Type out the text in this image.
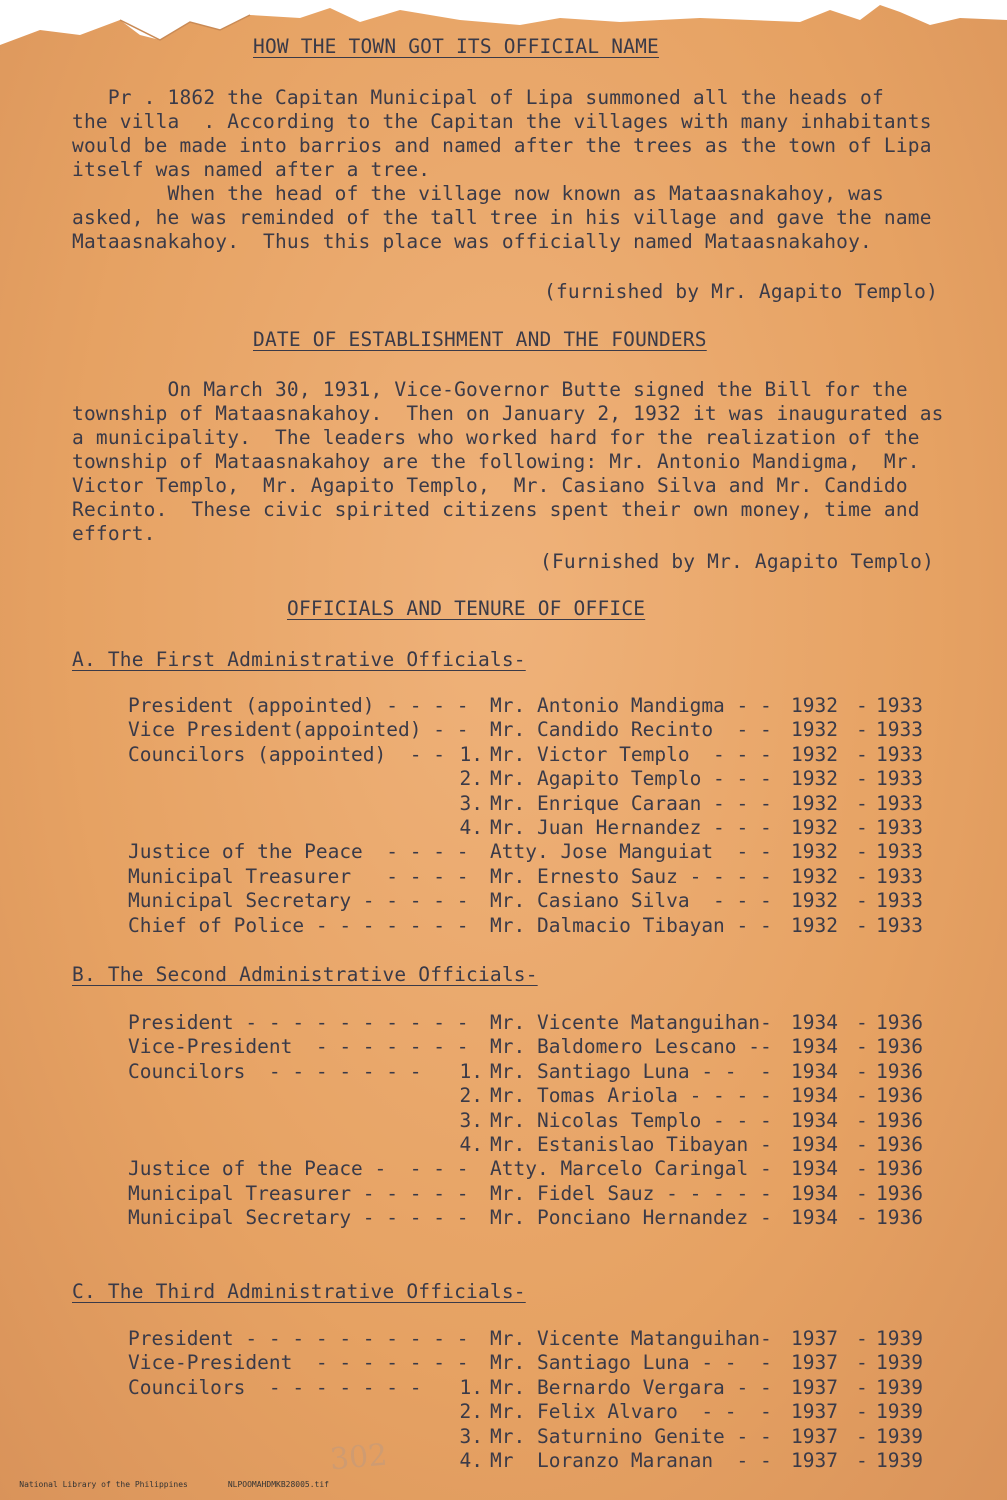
HOW THE TOWN GOT ITS OFFICIAL NAME
Pr . 1862 the Capitan Municipal of Lipa summoned all the heads of
the villa  . According to the Capitan the villages with many inhabitants
would be made into barrios and named after the trees as the town of Lipa
itself was named after a tree.
When the head of the village now known as Mataasnakahoy, was
asked, he was reminded of the tall tree in his village and gave the name
Mataasnakahoy.  Thus this place was officially named Mataasnakahoy.
(furnished by Mr. Agapito Templo)
DATE OF ESTABLISHMENT AND THE FOUNDERS
On March 30, 1931, Vice-Governor Butte signed the Bill for the
township of Mataasnakahoy.  Then on January 2, 1932 it was inaugurated as
a municipality.  The leaders who worked hard for the realization of the
township of Mataasnakahoy are the following: Mr. Antonio Mandigma,  Mr.
Victor Templo,  Mr. Agapito Templo,  Mr. Casiano Silva and Mr. Candido
Recinto.  These civic spirited citizens spent their own money, time and
effort.
(Furnished by Mr. Agapito Templo)
OFFICIALS AND TENURE OF OFFICE
A. The First Administrative Officials-
President (appointed) - - - - Mr. Antonio Mandigma - - 1932 1933
-
Vice President(appointed) - - Mr. Candido Recinto  - - 1932 1933
-
Councilors (appointed)  - - 1. Mr. Victor Templo  - - - 1932 1933
-
2. Mr. Agapito Templo - - - 1932 1933
-
3. Mr. Enrique Caraan - - - 1932 1933
-
4. Mr. Juan Hernandez - - - 1932 1933
-
Justice of the Peace  - - - - Atty. Jose Manguiat  - - 1932 1933
-
Municipal Treasurer   - - - - Mr. Ernesto Sauz - - - - 1932 1933
-
Municipal Secretary - - - - - Mr. Casiano Silva  - - - 1932 1933
-
Chief of Police - - - - - - - Mr. Dalmacio Tibayan - - 1932 1933
-
B. The Second Administrative Officials-
President - - - - - - - - - - Mr. Vicente Matanguihan- 1934 1936
-
Vice-President  - - - - - - - Mr. Baldomero Lescano -- 1934 1936
-
Councilors  - - - - - - -	1. Mr. Santiago Luna - -  - 1934 1936
-
2. Mr. Tomas Ariola - - - - 1934 1936
-
3. Mr. Nicolas Templo - - - 1934 1936
-
4. Mr. Estanislao Tibayan - 1934 1936
-
Justice of the Peace -  - - - Atty. Marcelo Caringal - 1934 1936
-
Municipal Treasurer - - - - - Mr. Fidel Sauz - - - - - 1934 1936
-
Municipal Secretary - - - - - Mr. Ponciano Hernandez - 1934 1936
-
C. The Third Administrative Officials-
President - - - - - - - - - - Mr. Vicente Matanguihan- 1937 1939
-
Vice-President  - - - - - - - Mr. Santiago Luna - -  - 1937 1939
-
Councilors  - - - - - - -	1. Mr. Bernardo Vergara - - 1937 1939
-
2. Mr. Felix Alvaro  - -  - 1937 1939
-
3. Mr. Saturnino Genite - - 1937 1939
-
4. Mr  Loranzo Maranan  - - 1937 1939
-
302

National Library of the Philippines	NLPOOMAHDMKB28005.tif
